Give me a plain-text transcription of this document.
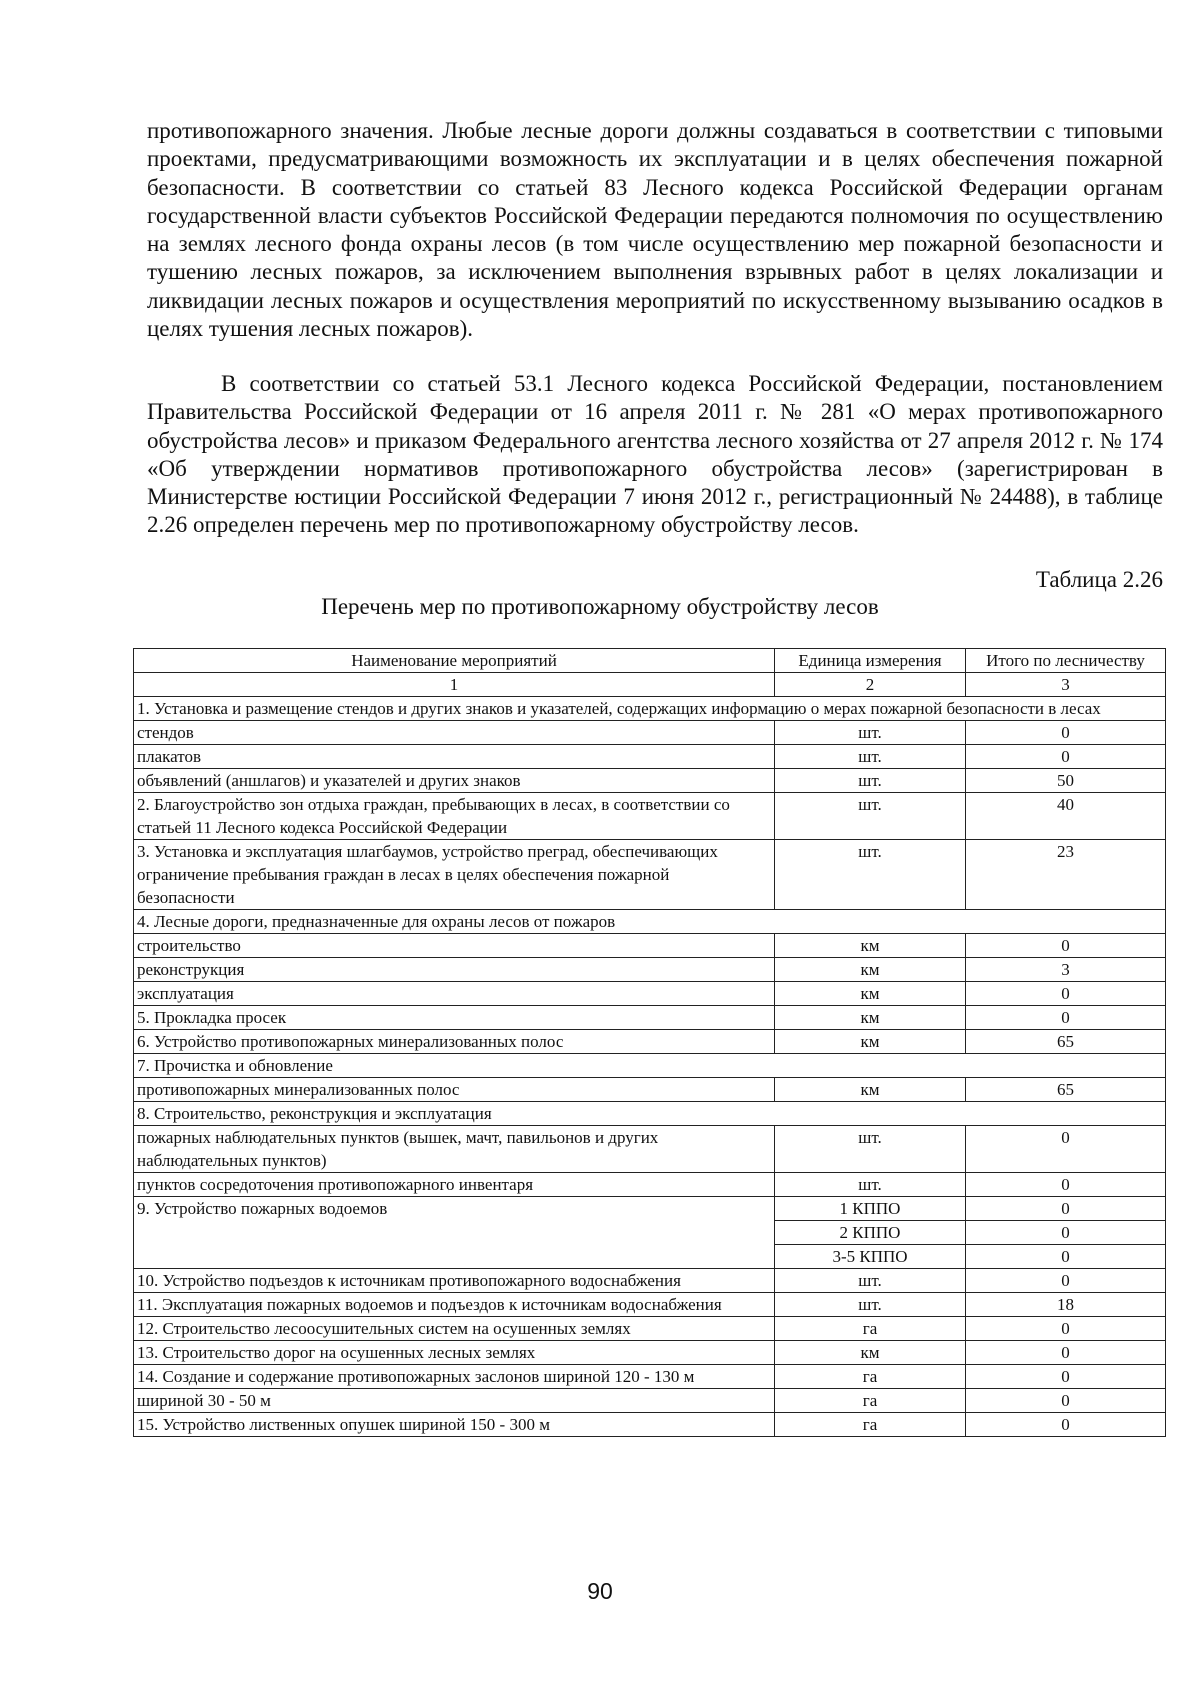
противопожарного значения. Любые лесные дороги должны создаваться в соответствии с типовыми проектами, предусматривающими возможность их эксплуатации и в целях обеспечения пожарной безопасности. В соответствии со статьей 83 Лесного кодекса Российской Федерации органам государственной власти субъектов Российской Федерации передаются полномочия по осуществлению на землях лесного фонда охраны лесов (в том числе осуществлению мер пожарной безопасности и тушению лесных пожаров, за исключением выполнения взрывных работ в целях локализации и ликвидации лесных пожаров и осуществления мероприятий по искусственному вызыванию осадков в целях тушения лесных пожаров).

В соответствии со статьей 53.1 Лесного кодекса Российской Федерации, постановлением Правительства Российской Федерации от 16 апреля 2011 г. № 281 «О мерах противопожарного обустройства лесов» и приказом Федерального агентства лесного хозяйства от 27 апреля 2012 г. № 174 «Об утверждении нормативов противопожарного обустройства лесов» (зарегистрирован в Министерстве юстиции Российской Федерации 7 июня 2012 г., регистрационный № 24488), в таблице 2.26 определен перечень мер по противопожарному обустройству лесов.

Таблица 2.26

Перечень мер по противопожарному обустройству лесов

Наименование мероприятий	Единица измерения	Итого по лесничеству
1	2	3
1. Установка и размещение стендов и других знаков и указателей, содержащих информацию о мерах пожарной безопасности в лесах		
стендов	шт.	0
плакатов	шт.	0
объявлений (аншлагов) и указателей и других знаков	шт.	50
2. Благоустройство зон отдыха граждан, пребывающих в лесах, в соответствии со статьей 11 Лесного кодекса Российской Федерации	шт.	40
3. Установка и эксплуатация шлагбаумов, устройство преград, обеспечивающих ограничение пребывания граждан в лесах в целях обеспечения пожарной безопасности	шт.	23
4. Лесные дороги, предназначенные для охраны лесов от пожаров		
строительство	км	0
реконструкция	км	3
эксплуатация	км	0
5. Прокладка просек	км	0
6. Устройство противопожарных минерализованных полос	км	65
7. Прочистка и обновление		
противопожарных минерализованных полос	км	65
8. Строительство, реконструкция и эксплуатация		
пожарных наблюдательных пунктов (вышек, мачт, павильонов и других наблюдательных пунктов)	шт.	0
пунктов сосредоточения противопожарного инвентаря	шт.	0
9. Устройство пожарных водоемов	1 КППО	0
	2 КППО	0
	3-5 КППО	0
10. Устройство подъездов к источникам противопожарного водоснабжения	шт.	0
11. Эксплуатация пожарных водоемов и подъездов к источникам водоснабжения	шт.	18
12. Строительство лесоосушительных систем на осушенных землях	га	0
13. Строительство дорог на осушенных лесных землях	км	0
14. Создание и содержание противопожарных заслонов шириной 120 - 130 м	га	0
шириной 30 - 50 м	га	0
15. Устройство лиственных опушек шириной 150 - 300 м	га	0

90
